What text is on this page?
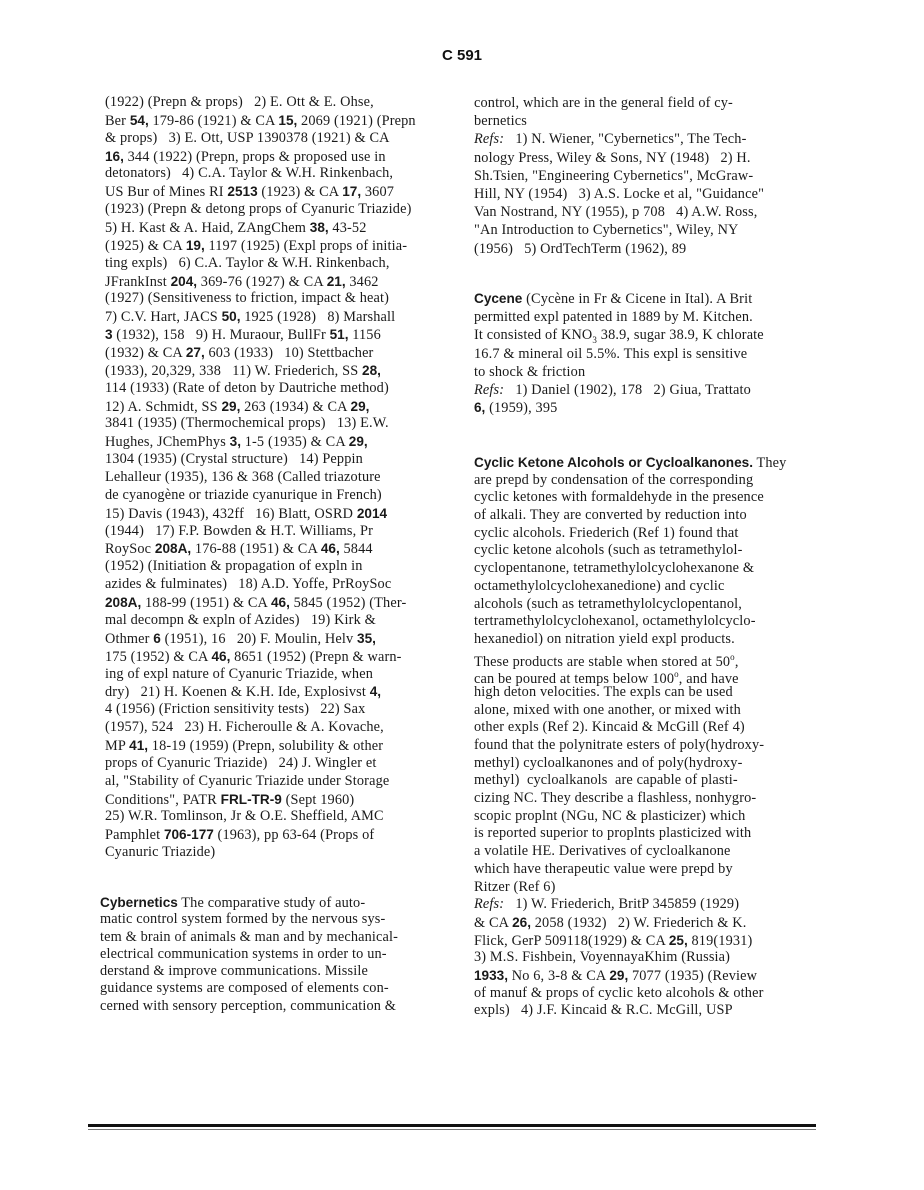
C 591
(1922) (Prepn & props)   2) E. Ott & E. Ohse,
Ber 54, 179-86 (1921) & CA 15, 2069 (1921) (Prepn
& props)   3) E. Ott, USP 1390378 (1921) & CA
16, 344 (1922) (Prepn, props & proposed use in
detonators)   4) C.A. Taylor & W.H. Rinkenbach,
US Bur of Mines RI 2513 (1923) & CA 17, 3607
(1923) (Prepn & detong props of Cyanuric Triazide)
5) H. Kast & A. Haid, ZAngChem 38, 43-52
(1925) & CA 19, 1197 (1925) (Expl props of initia-
ting expls)   6) C.A. Taylor & W.H. Rinkenbach,
JFrankInst 204, 369-76 (1927) & CA 21, 3462
(1927) (Sensitiveness to friction, impact & heat)
7) C.V. Hart, JACS 50, 1925 (1928)   8) Marshall
3 (1932), 158   9) H. Muraour, BullFr 51, 1156
(1932) & CA 27, 603 (1933)   10) Stettbacher
(1933), 20,329, 338   11) W. Friederich, SS 28,
114 (1933) (Rate of deton by Dautriche method)
12) A. Schmidt, SS 29, 263 (1934) & CA 29,
3841 (1935) (Thermochemical props)   13) E.W.
Hughes, JChemPhys 3, 1-5 (1935) & CA 29,
1304 (1935) (Crystal structure)   14) Peppin
Lehalleur (1935), 136 & 368 (Called triazoture
de cyanogène or triazide cyanurique in French)
15) Davis (1943), 432ff   16) Blatt, OSRD 2014
(1944)   17) F.P. Bowden & H.T. Williams, Pr
RoySoc 208A, 176-88 (1951) & CA 46, 5844
(1952) (Initiation & propagation of expln in
azides & fulminates)   18) A.D. Yoffe, PrRoySoc
208A, 188-99 (1951) & CA 46, 5845 (1952) (Ther-
mal decompn & expln of Azides)   19) Kirk &
Othmer 6 (1951), 16   20) F. Moulin, Helv 35,
175 (1952) & CA 46, 8651 (1952) (Prepn & warn-
ing of expl nature of Cyanuric Triazide, when
dry)   21) H. Koenen & K.H. Ide, Explosivst 4,
4 (1956) (Friction sensitivity tests)   22) Sax
(1957), 524   23) H. Ficheroulle & A. Kovache,
MP 41, 18-19 (1959) (Prepn, solubility & other
props of Cyanuric Triazide)   24) J. Wingler et
al, "Stability of Cyanuric Triazide under Storage
Conditions", PATR FRL-TR-9 (Sept 1960)
25) W.R. Tomlinson, Jr & O.E. Sheffield, AMC
Pamphlet 706-177 (1963), pp 63-64 (Props of
Cyanuric Triazide)
Cybernetics The comparative study of auto-
matic control system formed by the nervous sys-
tem & brain of animals & man and by mechanical-
electrical communication systems in order to un-
derstand & improve communications. Missile
guidance systems are composed of elements con-
cerned with sensory perception, communication &
control, which are in the general field of cy-
bernetics
Refs:   1) N. Wiener, "Cybernetics", The Tech-
nology Press, Wiley & Sons, NY (1948)   2) H.
Sh.Tsien, "Engineering Cybernetics", McGraw-
Hill, NY (1954)   3) A.S. Locke et al, "Guidance"
Van Nostrand, NY (1955), p 708   4) A.W. Ross,
"An Introduction to Cybernetics", Wiley, NY
(1956)   5) OrdTechTerm (1962), 89
Cycene (Cycène in Fr & Cicene in Ital). A Brit
permitted expl patented in 1889 by M. Kitchen.
It consisted of $KNO_3$ 38.9, sugar 38.9, K chlorate
16.7 & mineral oil 5.5%. This expl is sensitive
to shock & friction
Refs:   1) Daniel (1902), 178   2) Giua, Trattato
6, (1959), 395
Cyclic Ketone Alcohols or Cycloalkanones. They
are prepd by condensation of the corresponding
cyclic ketones with formaldehyde in the presence
of alkali. They are converted by reduction into
cyclic alcohols. Friederich (Ref 1) found that
cyclic ketone alcohols (such as tetramethylol-
cyclopentanone, tetramethylolcyclohexanone &
octamethylolcyclohexanedione) and cyclic
alcohols (such as tetramethylolcyclopentanol,
tertramethylolcyclohexanol, octamethylolcyclo-
hexanediol) on nitration yield expl products.
These products are stable when stored at 50$^o$,
can be poured at temps below 100$^o$, and have
high deton velocities. The expls can be used
alone, mixed with one another, or mixed with
other expls (Ref 2). Kincaid & McGill (Ref 4)
found that the polynitrate esters of poly(hydroxy-
methyl) cycloalkanones and of poly(hydroxy-
methyl)  cycloalkanols  are capable of plasti-
cizing NC. They describe a flashless, nonhygro-
scopic proplnt (NGu, NC & plasticizer) which
is reported superior to proplnts plasticized with
a volatile HE. Derivatives of cycloalkanone
which have therapeutic value were prepd by
Ritzer (Ref 6)
Refs:   1) W. Friederich, BritP 345859 (1929)
& CA 26, 2058 (1932)   2) W. Friederich & K.
Flick, GerP 509118(1929) & CA 25, 819(1931)
3) M.S. Fishbein, VoyennayaKhim (Russia)
1933, No 6, 3-8 & CA 29, 7077 (1935) (Review
of manuf & props of cyclic keto alcohols & other
expls)   4) J.F. Kincaid & R.C. McGill, USP
